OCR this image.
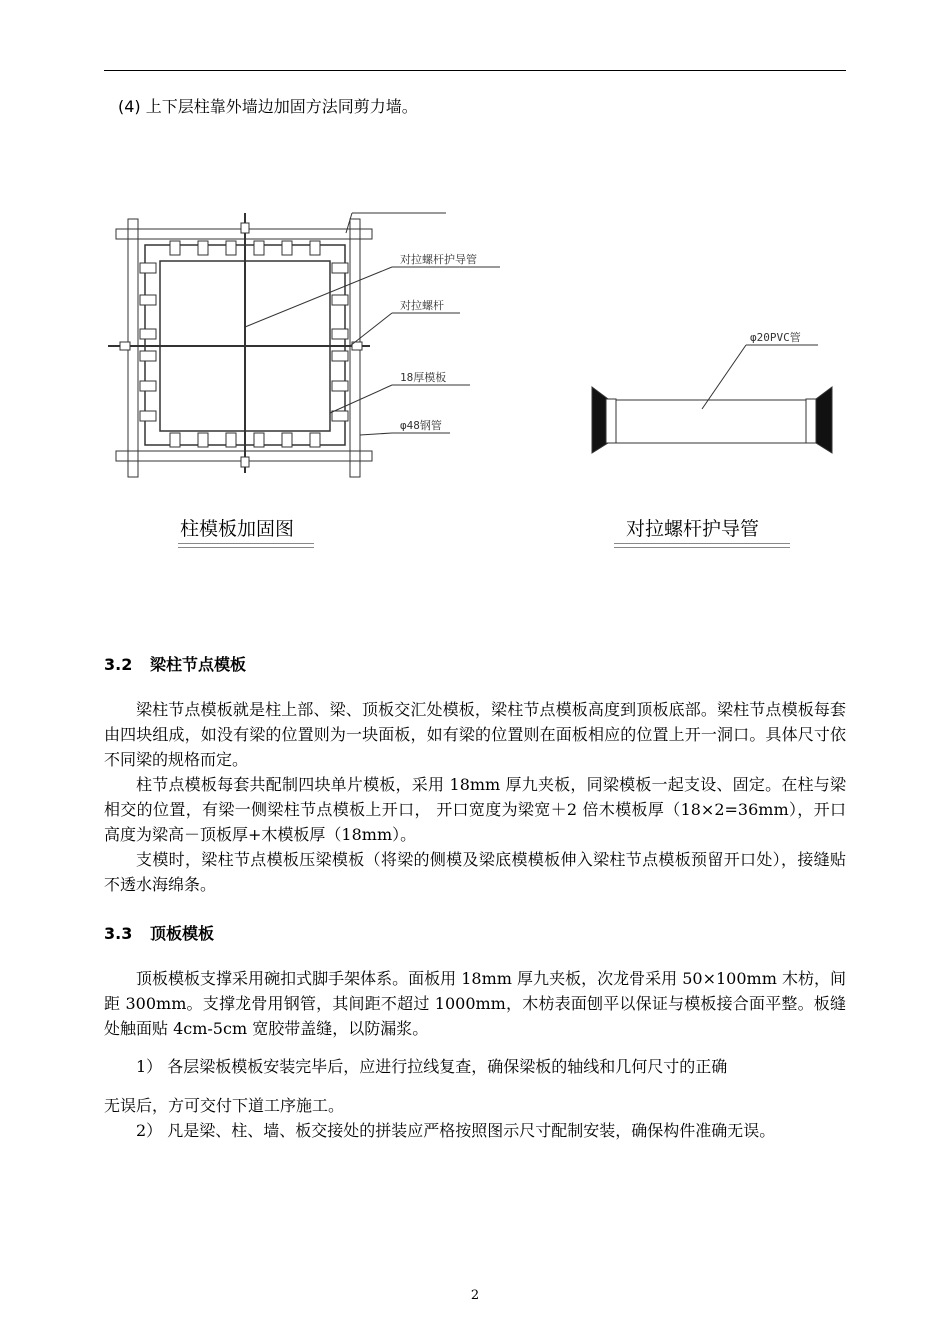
(4) 上下层柱靠外墙边加固方法同剪力墙。
对拉螺杆护导管
对拉螺杆
18厚模板
φ48钢管
柱模板加固图
φ20PVC管
对拉螺杆护导管
3.2 梁柱节点模板
梁柱节点模板就是柱上部、梁、顶板交汇处模板，梁柱节点模板高度到顶板底部。梁柱节点模板每套由四块组成，如没有梁的位置则为一块面板，如有梁的位置则在面板相应的位置上开一洞口。具体尺寸依不同梁的规格而定。
柱节点模板每套共配制四块单片模板，采用 18mm 厚九夹板，同梁模板一起支设、固定。在柱与梁相交的位置，有梁一侧梁柱节点模板上开口， 开口宽度为梁宽＋2 倍木模板厚（18×2=36mm），开口高度为梁高－顶板厚+木模板厚（18mm）。
支模时，梁柱节点模板压梁模板（将梁的侧模及梁底模模板伸入梁柱节点模板预留开口处），接缝贴不透水海绵条。
3.3 顶板模板
顶板模板支撑采用碗扣式脚手架体系。面板用 18mm 厚九夹板，次龙骨采用 50×100mm 木枋，间距 300mm。支撑龙骨用钢管，其间距不超过 1000mm，木枋表面刨平以保证与模板接合面平整。板缝处触面贴 4cm-5cm 宽胶带盖缝，以防漏浆。
1） 各层梁板模板安装完毕后，应进行拉线复查，确保梁板的轴线和几何尺寸的正确
无误后，方可交付下道工序施工。
2） 凡是梁、柱、墙、板交接处的拼装应严格按照图示尺寸配制安装，确保构件准确无误。
2
